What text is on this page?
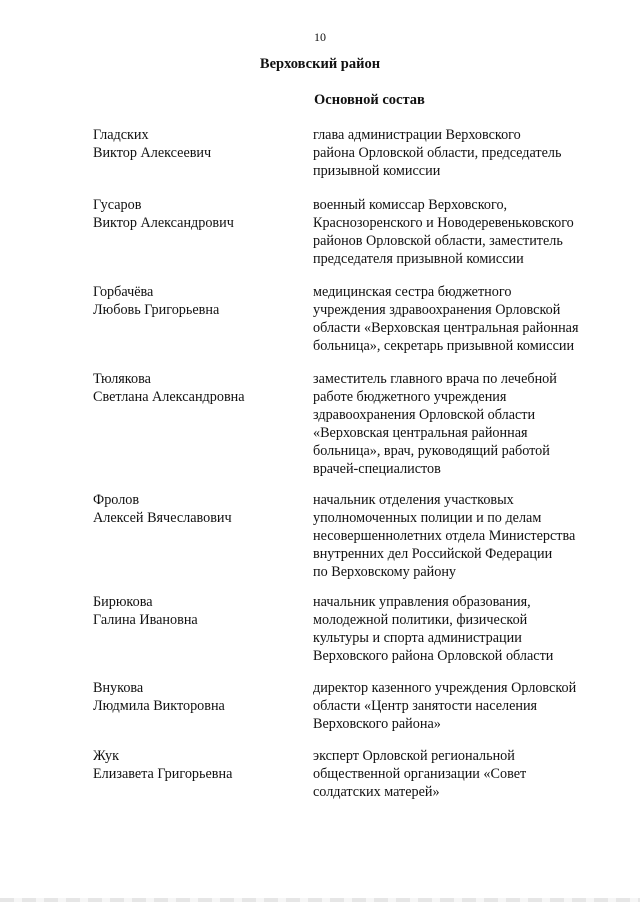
10
Верховский район
Основной состав
Гладских
Виктор Алексеевич
глава администрации Верховского
района Орловской области, председатель
призывной комиссии
Гусаров
Виктор Александрович
военный комиссар Верховского,
Краснозоренского и Новодеревеньковского
районов Орловской области, заместитель
председателя призывной комиссии
Горбачёва
Любовь Григорьевна
медицинская сестра бюджетного
учреждения здравоохранения Орловской
области «Верховская центральная районная
больница», секретарь призывной комиссии
Тюлякова
Светлана Александровна
заместитель главного врача по лечебной
работе бюджетного учреждения
здравоохранения Орловской области
«Верховская центральная районная
больница», врач, руководящий работой
врачей-специалистов
Фролов
Алексей Вячеславович
начальник отделения участковых
уполномоченных полиции и по делам
несовершеннолетних отдела Министерства
внутренних дел Российской Федерации
по Верховскому району
Бирюкова
Галина Ивановна
начальник управления образования,
молодежной политики, физической
культуры и спорта администрации
Верховского района Орловской области
Внукова
Людмила Викторовна
директор казенного учреждения Орловской
области «Центр занятости населения
Верховского района»
Жук
Елизавета Григорьевна
эксперт Орловской региональной
общественной организации «Совет
солдатских матерей»
